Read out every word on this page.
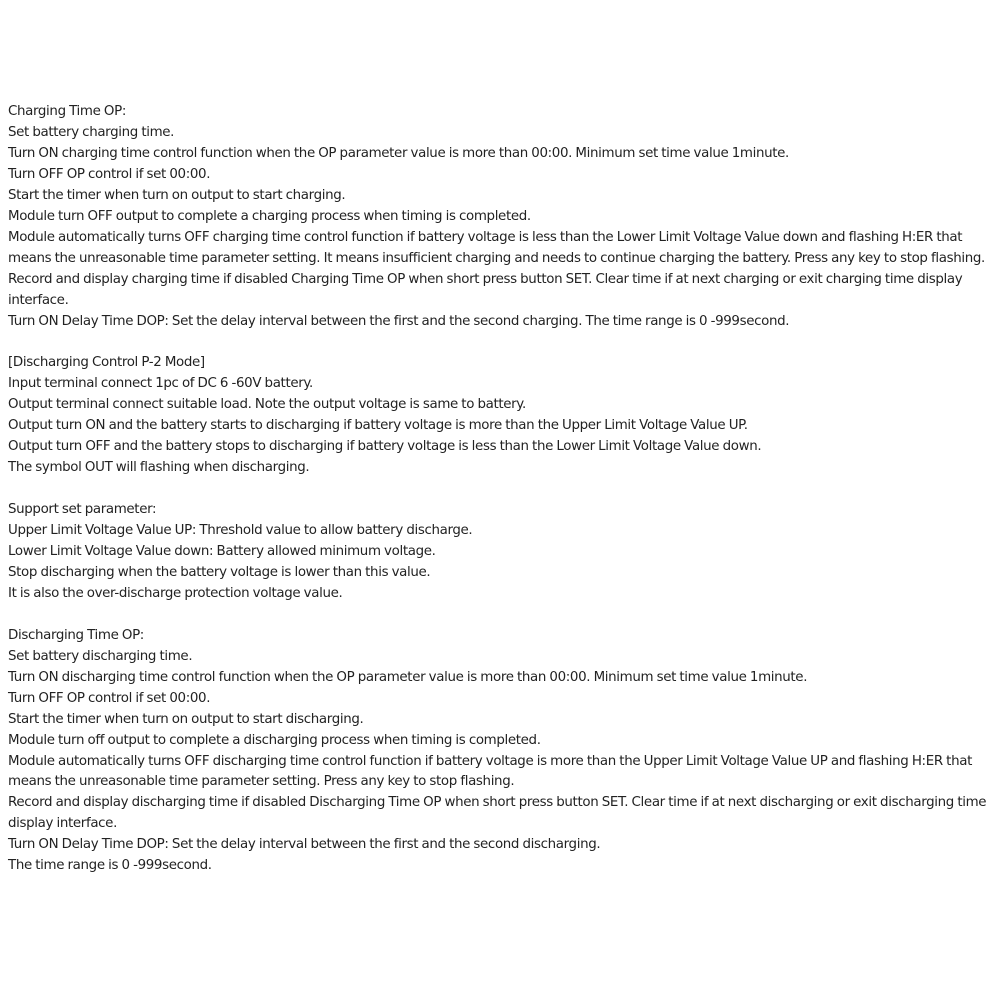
Charging Time OP:
Set battery charging time.
Turn ON charging time control function when the OP parameter value is more than 00:00. Minimum set time value 1minute.
Turn OFF OP control if set 00:00.
Start the timer when turn on output to start charging.
Module turn OFF output to complete a charging process when timing is completed.
Module automatically turns OFF charging time control function if battery voltage is less than the Lower Limit Voltage Value down and flashing H:ER that means the unreasonable time parameter setting. It means insufficient charging and needs to continue charging the battery. Press any key to stop flashing.
Record and display charging time if disabled Charging Time OP when short press button SET. Clear time if at next charging or exit charging time display interface.
Turn ON Delay Time DOP: Set the delay interval between the first and the second charging. The time range is 0 -999second.
[Discharging Control P-2 Mode]
Input terminal connect 1pc of DC 6 -60V battery.
Output terminal connect suitable load. Note the output voltage is same to battery.
Output turn ON and the battery starts to discharging if battery voltage is more than the Upper Limit Voltage Value UP.
Output turn OFF and the battery stops to discharging if battery voltage is less than the Lower Limit Voltage Value down.
The symbol OUT will flashing when discharging.
Support set parameter:
Upper Limit Voltage Value UP: Threshold value to allow battery discharge.
Lower Limit Voltage Value down: Battery allowed minimum voltage.
Stop discharging when the battery voltage is lower than this value.
It is also the over-discharge protection voltage value.
Discharging Time OP:
Set battery discharging time.
Turn ON discharging time control function when the OP parameter value is more than 00:00. Minimum set time value 1minute.
Turn OFF OP control if set 00:00.
Start the timer when turn on output to start discharging.
Module turn off output to complete a discharging process when timing is completed.
Module automatically turns OFF discharging time control function if battery voltage is more than the Upper Limit Voltage Value UP and flashing H:ER that means the unreasonable time parameter setting. Press any key to stop flashing.
Record and display discharging time if disabled Discharging Time OP when short press button SET. Clear time if at next discharging or exit discharging time display interface.
Turn ON Delay Time DOP: Set the delay interval between the first and the second discharging.
The time range is 0 -999second.
